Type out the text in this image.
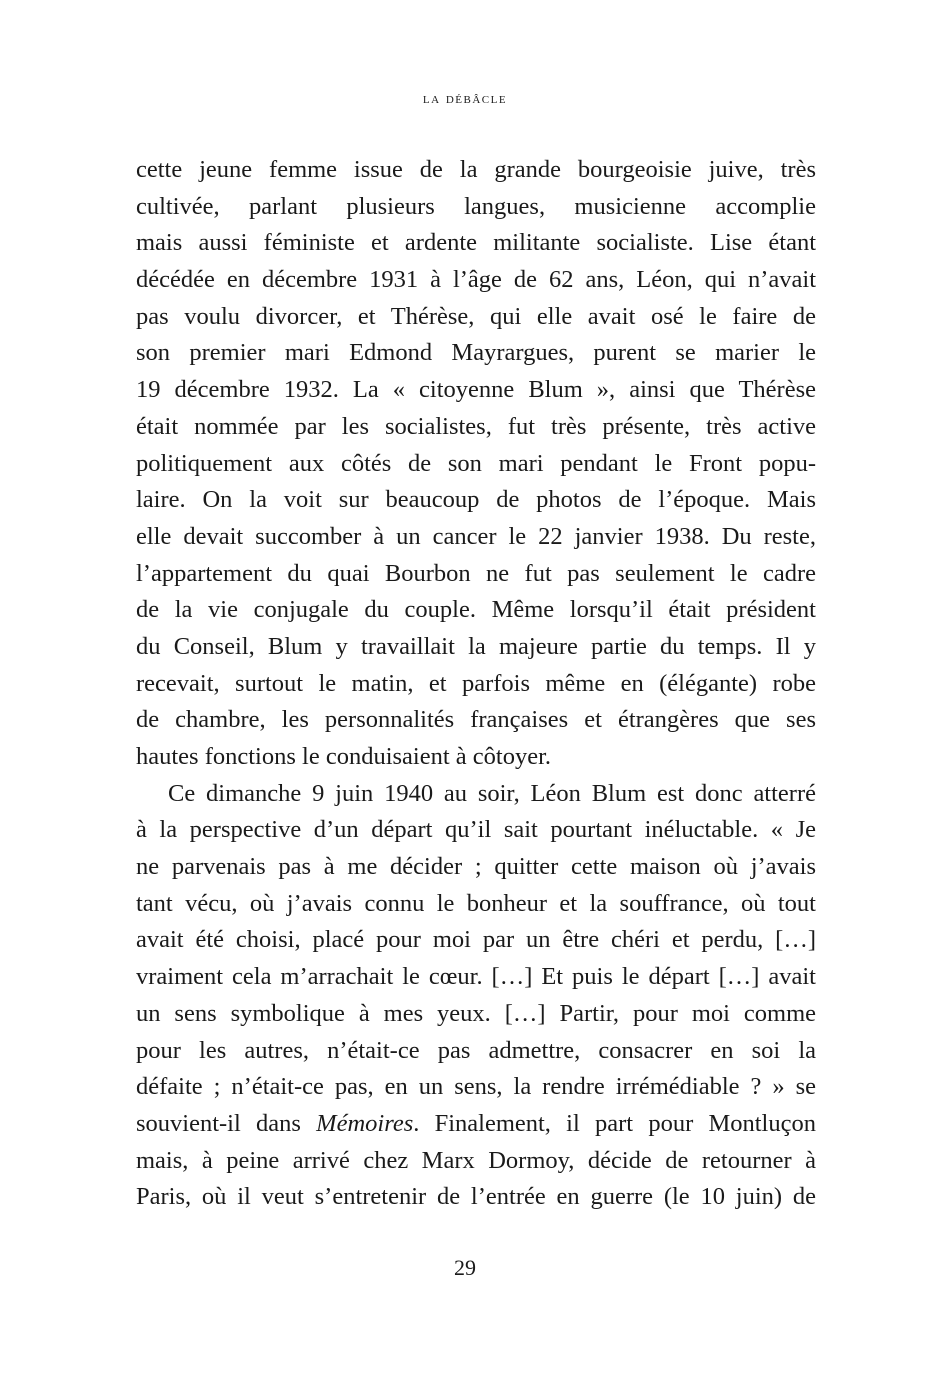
la débâcle
cette jeune femme issue de la grande bourgeoisie juive, très
cultivée, parlant plusieurs langues, musicienne accomplie
mais aussi féministe et ardente militante socialiste. Lise étant
décédée en décembre 1931 à l’âge de 62 ans, Léon, qui n’avait
pas voulu divorcer, et Thérèse, qui elle avait osé le faire de
son premier mari Edmond Mayrargues, purent se marier le
19 décembre 1932. La « citoyenne Blum », ainsi que Thérèse
était nommée par les socialistes, fut très présente, très active
politiquement aux côtés de son mari pendant le Front popu-
laire. On la voit sur beaucoup de photos de l’époque. Mais
elle devait succomber à un cancer le 22 janvier 1938. Du reste,
l’appartement du quai Bourbon ne fut pas seulement le cadre
de la vie conjugale du couple. Même lorsqu’il était président
du Conseil, Blum y travaillait la majeure partie du temps. Il y
recevait, surtout le matin, et parfois même en (élégante) robe
de chambre, les personnalités françaises et étrangères que ses
hautes fonctions le conduisaient à côtoyer.
Ce dimanche 9 juin 1940 au soir, Léon Blum est donc atterré
à la perspective d’un départ qu’il sait pourtant inéluctable. « Je
ne parvenais pas à me décider ; quitter cette maison où j’avais
tant vécu, où j’avais connu le bonheur et la souffrance, où tout
avait été choisi, placé pour moi par un être chéri et perdu, […]
vraiment cela m’arrachait le cœur. […] Et puis le départ […] avait
un sens symbolique à mes yeux. […] Partir, pour moi comme
pour les autres, n’était-ce pas admettre, consacrer en soi la
défaite ; n’était-ce pas, en un sens, la rendre irrémédiable ? » se
souvient-il dans Mémoires. Finalement, il part pour Montluçon
mais, à peine arrivé chez Marx Dormoy, décide de retourner à
Paris, où il veut s’entretenir de l’entrée en guerre (le 10 juin) de
29
